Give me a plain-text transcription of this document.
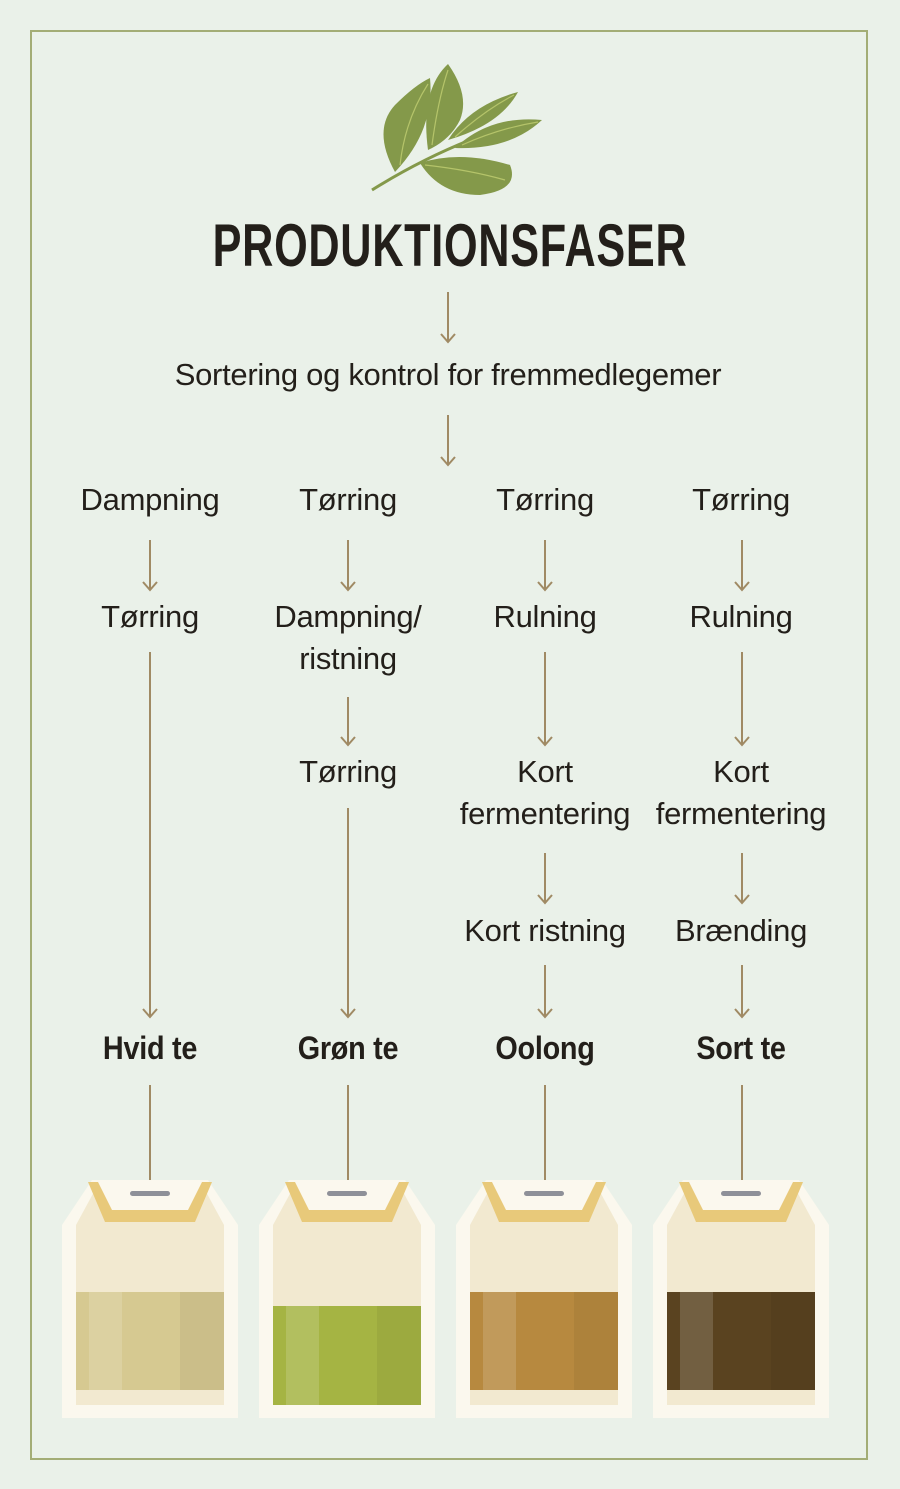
PRODUKTIONSFASER
Sortering og kontrol for fremmedlegemer
Dampning
Tørring
Hvid te
Tørring
Dampning/
ristning
Tørring
Grøn te
Tørring
Rulning
Kort
fermentering
Kort ristning
Oolong
Tørring
Rulning
Kort
fermentering
Brænding
Sort te
